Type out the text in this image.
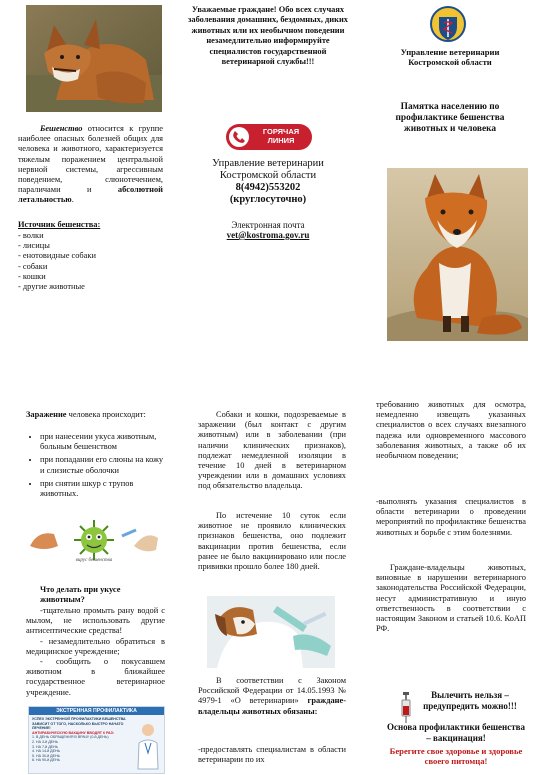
Бешенство относится к группе наиболее опасных болезней общих для человека и животного, характеризуется тяжелым поражением центральной нервной системы, агрессивным поведением, слюнотечением, параличами и	абсолютной летальностью.

Источник бешенства:

- волки
- лисицы
- енотовидные собаки
- собаки
- кошки
- другие животные

Уважаемые граждане! Обо всех случаях заболевания домашних, бездомных, диких животных или их необычном поведении незамедлительно информируйте специалистов государственной ветеринарной службы!!!

ГОРЯЧАЯ
ЛИНИЯ
Управление ветеринарии
Костромской области
8(4942)553202
(круглосуточно)
Электронная почта
vet@kostroma.gov.ru
Управление ветеринарии
Костромской области
Памятка населению по профилактике бешенства животных и человека

Заражение человека происходит:

• при нанесении укуса животным, больным бешенством
• при попадании его слюны на кожу и слизистые оболочки
• при снятии шкур с трупов животных.
вирус бешенства

Что делать при укусе животным?

-тщательно промыть рану водой с мылом, не использовать другие антисептические средства!

- незамедлительно обратиться в медицинское учреждение;

- сообщить о покусавшем животном в ближайшее государственное ветеринарное учреждение.

ЭКСТРЕННАЯ ПРОФИЛАКТИКА
УСПЕХ ЭКСТРЕННОЙ ПРОФИЛАКТИКИ БЕШЕНСТВА ЗАВИСИТ ОТ ТОГО, НАСКОЛЬКО БЫСТРО НАЧАТО ЛЕЧЕНИЕ!
АНТИРАБИЧЕСКУЮ ВАКЦИНУ ВВОДЯТ 6 РАЗ:
1. В ДЕНЬ ОБРАЩЕНИЯ В ВРАЧУ (0-й ДЕНЬ)
2. НА 3-й ДЕНЬ
3. НА 7-й ДЕНЬ
4. НА 14-й ДЕНЬ
5. НА 30-й ДЕНЬ
6. НА 90-й ДЕНЬ

Собаки и кошки, подозреваемые в заражении (был контакт с другим животным) или в заболевании (при наличии клинических признаков), подлежат немедленной изоляции в течение 10 дней в ветеринарном учреждении или в домашних условиях под обязательство владельца.

По истечение 10 суток если животное не проявило клинических признаков бешенства, оно подлежит вакцинации против бешенства, если ранее не было вакцинировано или после прививки прошло более 180 дней.

В соответствии с Законом Российской Федерации от 14.05.1993 № 4979-1 «О ветеринарии» граждане-владельцы животных обязаны:

-предоставлять специалистам в области ветеринарии по их

требованию животных для осмотра, немедленно извещать указанных специалистов о всех случаях внезапного падежа или одновременного массового заболевания животных, а также об их необычном поведении;

-выполнять указания специалистов в области ветеринарии о проведении мероприятий по профилактике бешенства животных и борьбе с этим болезнями.

Граждане-владельцы животных, виновные в нарушении ветеринарного законодательства Российской Федерации, несут административную и иную ответственность в соответствии с настоящим Законом и статьей 10.6. КоАП РФ.

Вылечить нельзя – предупредить можно!!!
Основа профилактики бешенства – вакцинация!
Берегите свое здоровье и здоровье своего питомца!
